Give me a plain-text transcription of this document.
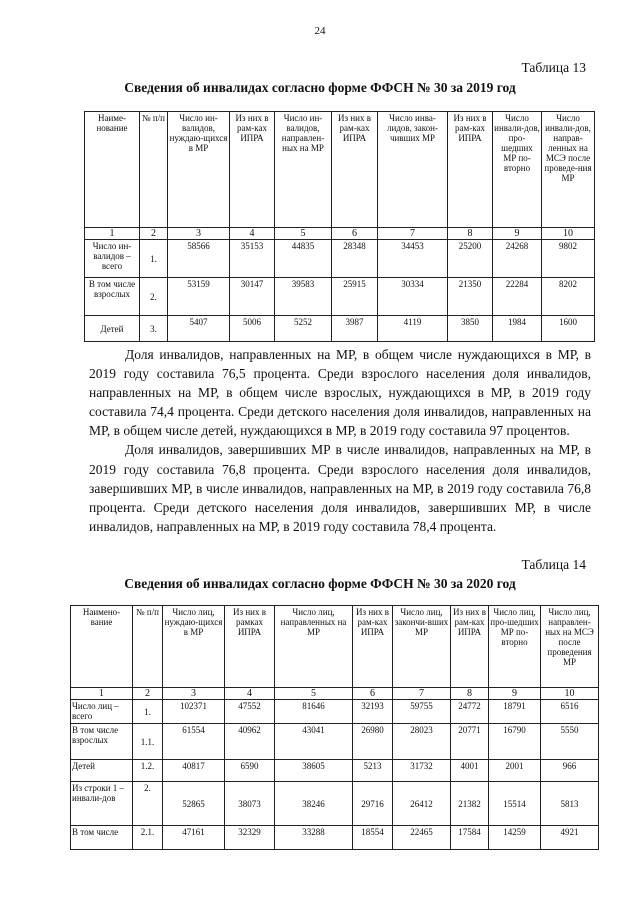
24
Таблица 13
Сведения об инвалидах согласно форме ФФСН № 30 за 2019 год
Наиме-нование	№ п/п	Число ин-валидов, нуждаю-щихся в МР	Из них в рам-ках ИПРА	Число ин-валидов, направлен-ных на МР	Из них в рам-ках ИПРА	Число инва-лидов, закон-чивших МР	Из них в рам-ках ИПРА	Число инвали-дов, про-шедших МР по-вторно	Число инвали-дов, направ-ленных на МСЭ после проведе-ния МР
1	2	3	4	5	6	7	8	9	10
Число ин-валидов – всего	1.	58566	35153	44835	28348	34453	25200	24268	9802
В том числе взрослых	2.	53159	30147	39583	25915	30334	21350	22284	8202
Детей	3.	5407	5006	5252	3987	4119	3850	1984	1600

Доля инвалидов, направленных на МР, в общем числе нуждающихся в МР, в 2019 году составила 76,5 процента. Среди взрослого населения доля инвалидов, направленных на МР, в общем числе взрослых, нуждающихся в МР, в 2019 году составила 74,4 процента. Среди детского населения доля инвалидов, направленных на МР, в общем числе детей, нуждающихся в МР, в 2019 году составила 97 процентов.

Доля инвалидов, завершивших МР в числе инвалидов, направленных на МР, в 2019 году составила 76,8 процента. Среди взрослого населения доля инвалидов, завершивших МР, в числе инвалидов, направленных на МР, в 2019 году составила 76,8 процента. Среди детского населения доля инвалидов, завершивших МР, в числе инвалидов, направленных на МР, в 2019 году составила 78,4 процента.

Таблица 14
Сведения об инвалидах согласно форме ФФСН № 30 за 2020 год
Наимено-вание	№ п/п	Число лиц, нуждаю-щихся в МР	Из них в рамках ИПРА	Число лиц, направленных на МР	Из них в рам-ках ИПРА	Число лиц, закончи-вших МР	Из них в рам-ках ИПРА	Число лиц, про-шедших МР по-вторно	Число лиц, направлен-ных на МСЭ после проведения МР
1	2	3	4	5	6	7	8	9	10
Число лиц – всего	1.	102371	47552	81646	32193	59755	24772	18791	6516
В том числе взрослых	1.1.	61554	40962	43041	26980	28023	20771	16790	5550
Детей	1.2.	40817	6590	38605	5213	31732	4001	2001	966
Из строки 1 – инвали-дов	2.	52865	38073	38246	29716	26412	21382	15514	5813
В том числе	2.1.	47161	32329	33288	18554	22465	17584	14259	4921
